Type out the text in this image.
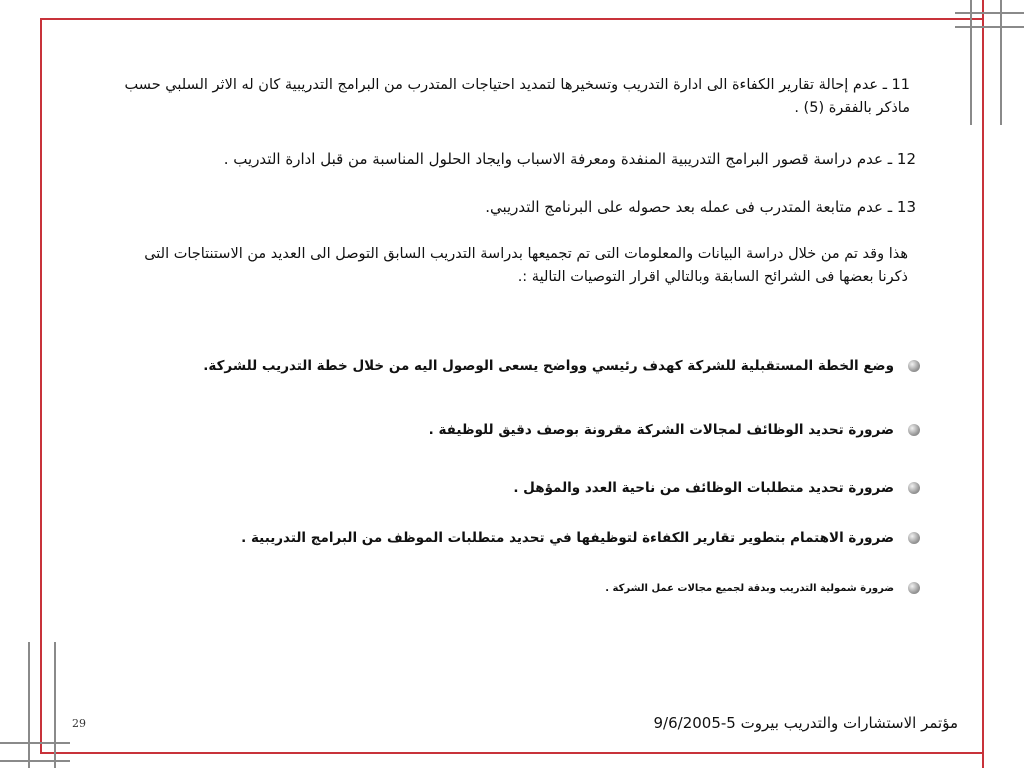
11 ـ عدم إحالة تقارير الكفاءة الى ادارة التدريب وتسخيرها لتمديد احتياجات المتدرب من البرامج التدريبية كان له الاثر السلبي حسب ماذكر بالفقرة (5) .

12 ـ عدم دراسة قصور البرامج التدريبية المنفدة ومعرفة الاسباب وايجاد الحلول المناسبة من قبل ادارة التدريب .

13 ـ عدم متابعة المتدرب فى عمله بعد حصوله على البرنامج التدريبي.

هذا وقد تم من خلال دراسة البيانات والمعلومات التى تم تجميعها بدراسة التدريب السابق التوصل الى العديد من الاستنتاجات التى ذكرنا بعضها فى الشرائح السابقة وبالتالي اقرار التوصيات التالية :.

وضع الخطة المستقبلية للشركة كهدف رئيسي وواضح يسعى الوصول اليه من خلال خطة التدريب للشركة.
ضرورة تحديد الوظائف لمجالات الشركة مقرونة بوصف دقيق للوظيفة .
ضرورة تحديد متطلبات الوظائف من ناحية العدد والمؤهل .
ضرورة الاهتمام بتطوير تقارير الكفاءة لتوظيفها في تحديد متطلبات الموظف من البرامج التدريبية .
ضرورة شمولية التدريب وبدقة لجميع مجالات عمل الشركة .
29	مؤتمر الاستشارات والتدريب بيروت 5-9/6/2005
